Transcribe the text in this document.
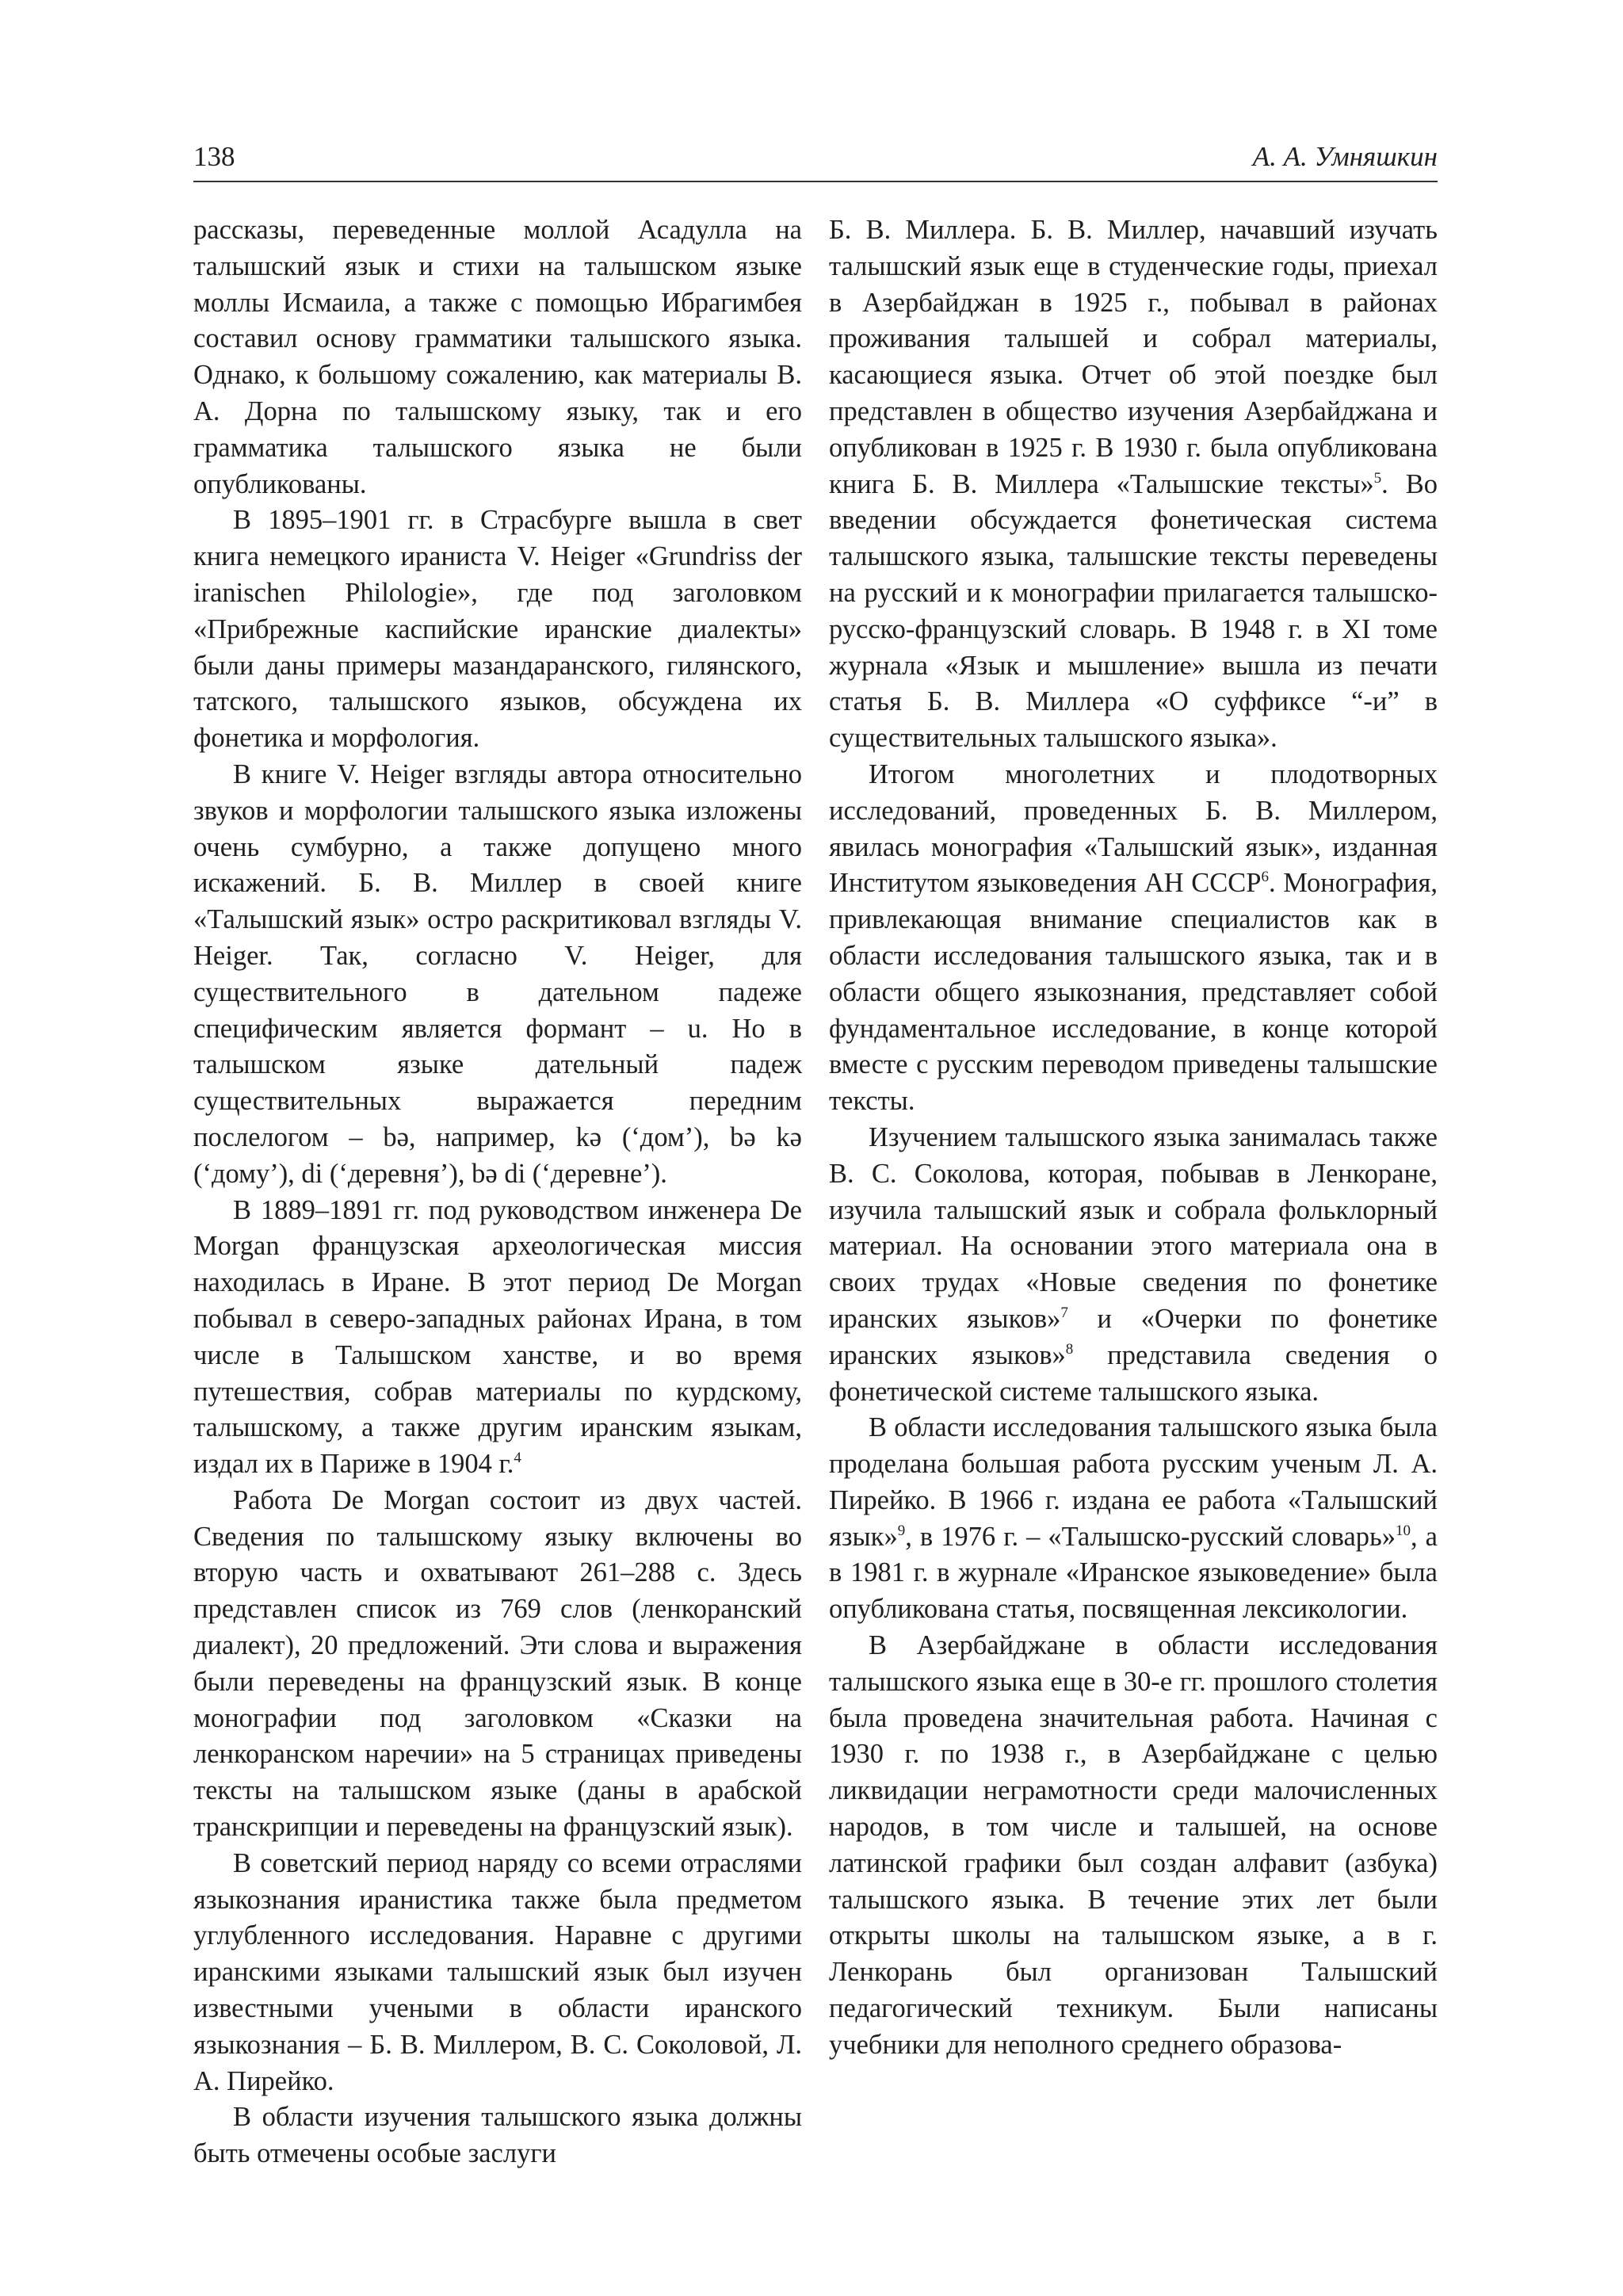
138	А. А. Умняшкин

рассказы, переведенные моллой Асадулла на талышский язык и стихи на талышском языке моллы Исмаила, а также с помощью Ибрагимбея составил основу грамматики талышского языка. Однако, к большому сожалению, как материалы В. А. Дорна по талышскому языку, так и его грамматика талышского языка не были опубликованы.

В 1895–1901 гг. в Страсбурге вышла в свет книга немецкого ираниста V. Heiger «Grundriss der iranischen Philologie», где под заголовком «Прибрежные каспийские иранские диалекты» были даны примеры мазандаранского, гилянского, татского, талышского языков, обсуждена их фонетика и морфология.

В книге V. Heiger взгляды автора относительно звуков и морфологии талышского языка изложены очень сумбурно, а также допущено много искажений. Б. В. Миллер в своей книге «Талышский язык» остро раскритиковал взгляды V. Heiger. Так, согласно V. Heiger, для существительного в дательном падеже специфическим является формант – u. Но в талышском языке дательный падеж существительных выражается передним послелогом – bə, например, kə (‘дом’), bə kə (‘дому’), di (‘деревня’), bə di (‘деревне’).

В 1889–1891 гг. под руководством инженера De Morgan французская археологическая миссия находилась в Иране. В этот период De Morgan побывал в северо-западных районах Ирана, в том числе в Талышском ханстве, и во время путешествия, собрав материалы по курдскому, талышскому, а также другим иранским языкам, издал их в Париже в 1904 г.$^4$

Работа De Morgan состоит из двух частей. Сведения по талышскому языку включены во вторую часть и охватывают 261–288 с. Здесь представлен список из 769 слов (ленкоранский диалект), 20 предложений. Эти слова и выражения были переведены на французский язык. В конце монографии под заголовком «Сказки на ленкоранском наречии» на 5 страницах приведены тексты на талышском языке (даны в арабской транскрипции и переведены на французский язык).

В советский период наряду со всеми отраслями языкознания иранистика также была предметом углубленного исследования. Наравне с другими иранскими языками талышский язык был изучен известными учеными в области иранского языкознания – Б. В. Миллером, В. С. Соколовой, Л. А. Пирейко.

В области изучения талышского языка должны быть отмечены особые заслуги

Б. В. Миллера. Б. В. Миллер, начавший изучать талышский язык еще в студенческие годы, приехал в Азербайджан в 1925 г., побывал в районах проживания талышей и собрал материалы, касающиеся языка. Отчет об этой поездке был представлен в общество изучения Азербайджана и опубликован в 1925 г. В 1930 г. была опубликована книга Б. В. Миллера «Талышские тексты»$^5$. Во введении обсуждается фонетическая система талышского языка, талышские тексты переведены на русский и к монографии прилагается талышско-русско-французский словарь. В 1948 г. в XI томе журнала «Язык и мышление» вышла из печати статья Б. В. Миллера «О суффиксе “-и” в существительных талышского языка».

Итогом многолетних и плодотворных исследований, проведенных Б. В. Миллером, явилась монография «Талышский язык», изданная Институтом языковедения АН СССР$^6$. Монография, привлекающая внимание специалистов как в области исследования талышского языка, так и в области общего языкознания, представляет собой фундаментальное исследование, в конце которой вместе с русским переводом приведены талышские тексты.

Изучением талышского языка занималась также В. С. Соколова, которая, побывав в Ленкоране, изучила талышский язык и собрала фольклорный материал. На основании этого материала она в своих трудах «Новые сведения по фонетике иранских языков»$^7$ и «Очерки по фонетике иранских языков»$^8$ представила сведения о фонетической системе талышского языка.

В области исследования талышского языка была проделана большая работа русским ученым Л. А. Пирейко. В 1966 г. издана ее работа «Талышский язык»$^9$, в 1976 г. – «Талышско-русский словарь»$^{10}$, а в 1981 г. в журнале «Иранское языковедение» была опубликована статья, посвященная лексикологии.

В Азербайджане в области исследования талышского языка еще в 30-е гг. прошлого столетия была проведена значительная работа. Начиная с 1930 г. по 1938 г., в Азербайджане с целью ликвидации неграмотности среди малочисленных народов, в том числе и талышей, на основе латинской графики был создан алфавит (азбука) талышского языка. В течение этих лет были открыты школы на талышском языке, а в г. Ленкорань был организован Талышский педагогический техникум. Были написаны учебники для неполного среднего образова-
